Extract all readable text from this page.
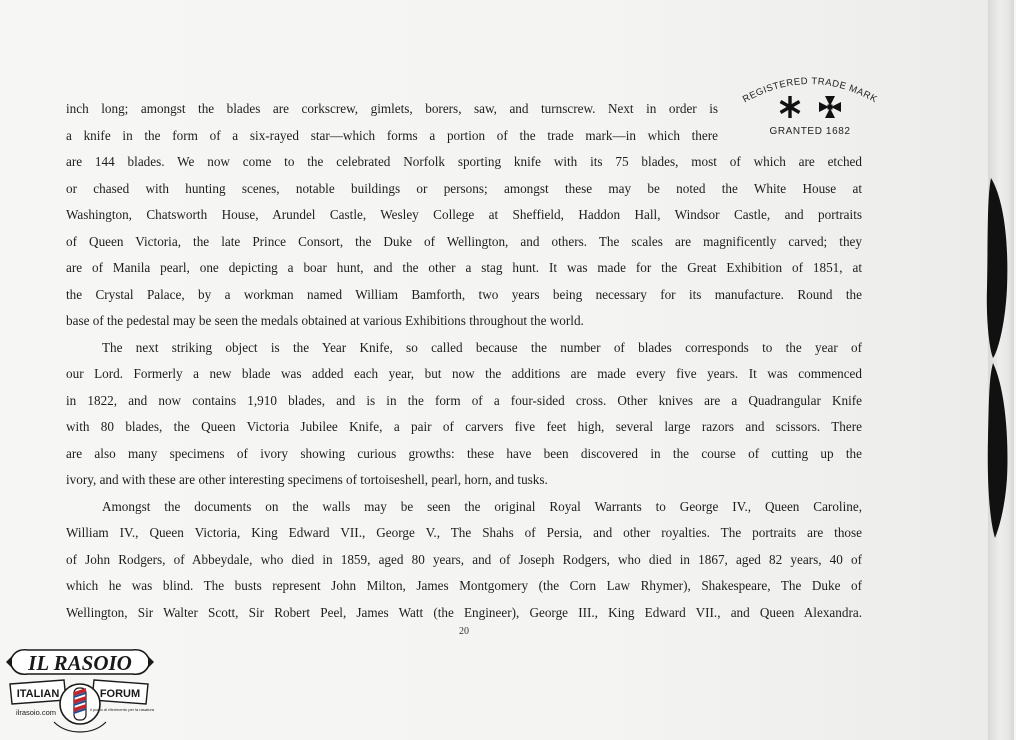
REGISTERED TRADE MARK
GRANTED 1682
inch long; amongst the blades are corkscrew, gimlets, borers, saw, and turnscrew. Next in order is
a knife in the form of a six-rayed star—which forms a portion of the trade mark—in which there
are 144 blades. We now come to the celebrated Norfolk sporting knife with its 75 blades, most of which are etched
or chased with hunting scenes, notable buildings or persons; amongst these may be noted the White House at
Washington, Chatsworth House, Arundel Castle, Wesley College at Sheffield, Haddon Hall, Windsor Castle, and portraits
of Queen Victoria, the late Prince Consort, the Duke of Wellington, and others. The scales are magnificently carved; they
are of Manila pearl, one depicting a boar hunt, and the other a stag hunt. It was made for the Great Exhibition of 1851, at
the Crystal Palace, by a workman named William Bamforth, two years being necessary for its manufacture. Round the
base of the pedestal may be seen the medals obtained at various Exhibitions throughout the world.
The next striking object is the Year Knife, so called because the number of blades corresponds to the year of
our Lord. Formerly a new blade was added each year, but now the additions are made every five years. It was commenced
in 1822, and now contains 1,910 blades, and is in the form of a four-sided cross. Other knives are a Quadrangular Knife
with 80 blades, the Queen Victoria Jubilee Knife, a pair of carvers five feet high, several large razors and scissors. There
are also many specimens of ivory showing curious growths: these have been discovered in the course of cutting up the
ivory, and with these are other interesting specimens of tortoiseshell, pearl, horn, and tusks.
Amongst the documents on the walls may be seen the original Royal Warrants to George IV., Queen Caroline,
William IV., Queen Victoria, King Edward VII., George V., The Shahs of Persia, and other royalties. The portraits are those
of John Rodgers, of Abbeydale, who died in 1859, aged 80 years, and of Joseph Rodgers, who died in 1867, aged 82 years, 40 of
which he was blind. The busts represent John Milton, James Montgomery (the Corn Law Rhymer), Shakespeare, The Duke of
Wellington, Sir Walter Scott, Sir Robert Peel, James Watt (the Engineer), George III., King Edward VII., and Queen Alexandra.
20
IL RASOIO
ITALIAN	FORUM
ilrasoio.com	il punto di riferimento per la rasatura
